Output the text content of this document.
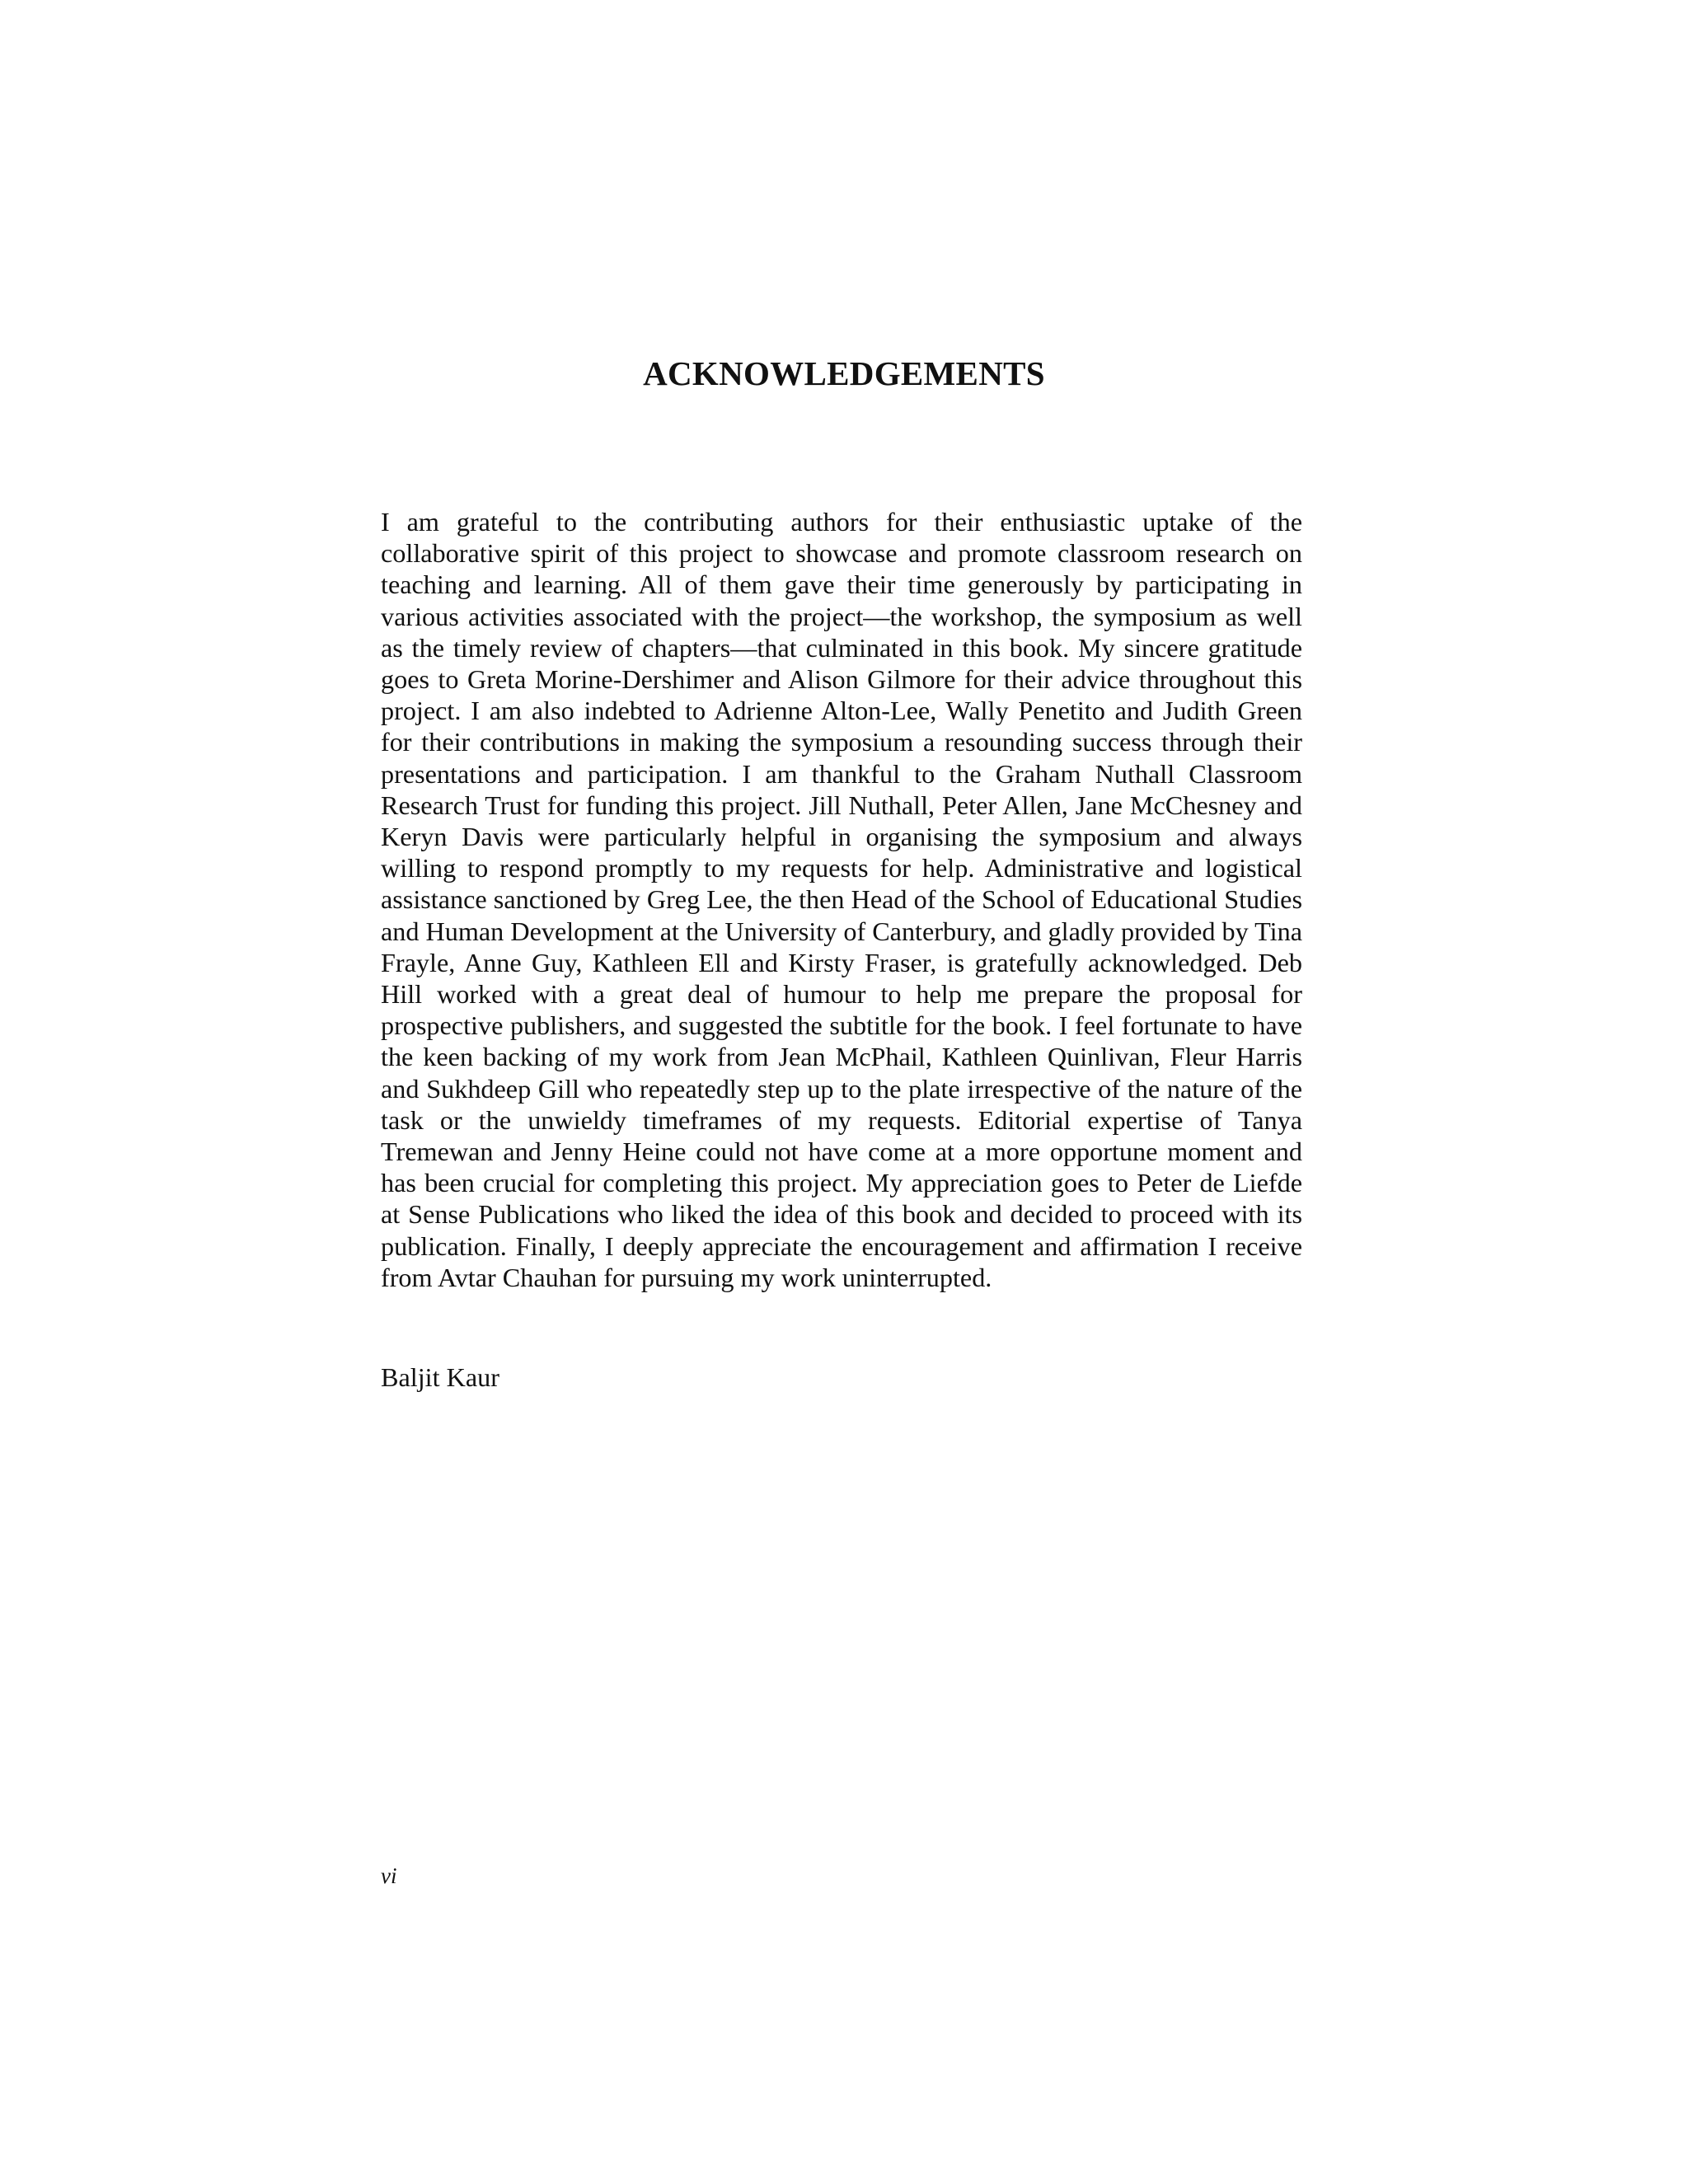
ACKNOWLEDGEMENTS

I am grateful to the contributing authors for their enthusiastic uptake of the collaborative spirit of this project to showcase and promote classroom research on teaching and learning. All of them gave their time generously by participating in various activities associated with the project—the workshop, the symposium as well as the timely review of chapters—that culminated in this book. My sincere gratitude goes to Greta Morine-Dershimer and Alison Gilmore for their advice throughout this project. I am also indebted to Adrienne Alton-Lee, Wally Penetito and Judith Green for their contributions in making the symposium a resounding success through their presentations and participation. I am thankful to the Graham Nuthall Classroom Research Trust for funding this project. Jill Nuthall, Peter Allen, Jane McChesney and Keryn Davis were particularly helpful in organising the symposium and always willing to respond promptly to my requests for help. Administrative and logistical assistance sanctioned by Greg Lee, the then Head of the School of Educational Studies and Human Development at the University of Canterbury, and gladly provided by Tina Frayle, Anne Guy, Kathleen Ell and Kirsty Fraser, is gratefully acknowledged. Deb Hill worked with a great deal of humour to help me prepare the proposal for prospective publishers, and suggested the subtitle for the book. I feel fortunate to have the keen backing of my work from Jean McPhail, Kathleen Quinlivan, Fleur Harris and Sukhdeep Gill who repeatedly step up to the plate irrespective of the nature of the task or the unwieldy timeframes of my requests. Editorial expertise of Tanya Tremewan and Jenny Heine could not have come at a more opportune moment and has been crucial for completing this project. My appreciation goes to Peter de Liefde at Sense Publications who liked the idea of this book and decided to proceed with its publication. Finally, I deeply appreciate the encouragement and affirmation I receive from Avtar Chauhan for pursuing my work uninterrupted.

Baljit Kaur
vi
